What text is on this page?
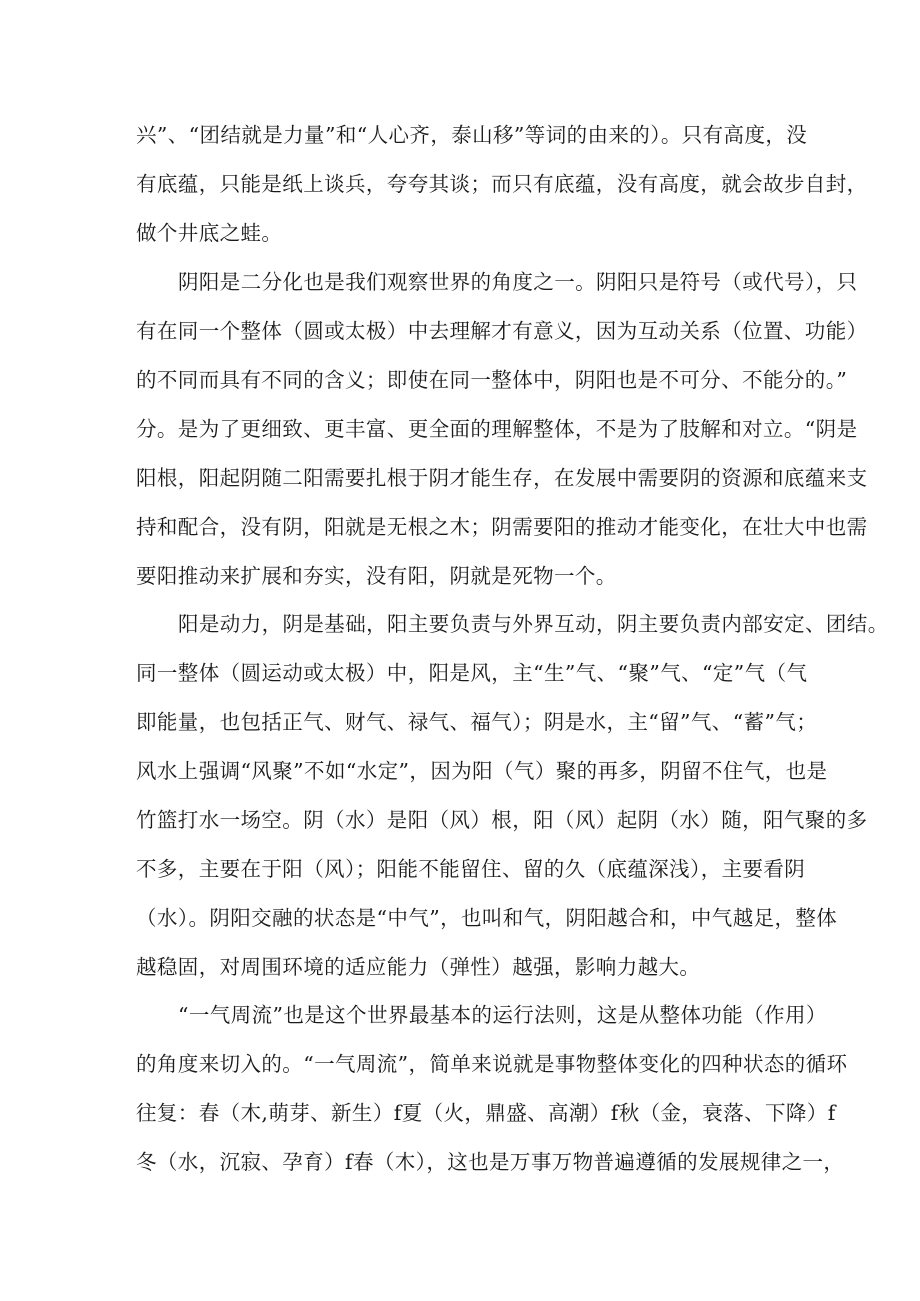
兴”、“团结就是力量”和“人心齐，泰山移”等词的由来的）。只有高度，没
有底蕴，只能是纸上谈兵，夸夸其谈；而只有底蕴，没有高度，就会故步自封，
做个井底之蛙。
阴阳是二分化也是我们观察世界的角度之一。阴阳只是符号（或代号），只
有在同一个整体（圆或太极）中去理解才有意义，因为互动关系（位置、功能）
的不同而具有不同的含义；即使在同一整体中，阴阳也是不可分、不能分的。”
分。是为了更细致、更丰富、更全面的理解整体，不是为了肢解和对立。“阴是
阳根，阳起阴随二阳需要扎根于阴才能生存，在发展中需要阴的资源和底蕴来支
持和配合，没有阴，阳就是无根之木；阴需要阳的推动才能变化，在壮大中也需
要阳推动来扩展和夯实，没有阳，阴就是死物一个。
阳是动力，阴是基础，阳主要负责与外界互动，阴主要负责内部安定、团结。
同一整体（圆运动或太极）中，阳是风，主“生”气、“聚”气、“定”气（气
即能量，也包括正气、财气、禄气、福气）；阴是水，主“留”气、“蓄”气；
风水上强调“风聚”不如“水定”，因为阳（气）聚的再多，阴留不住气，也是
竹篮打水一场空。阴（水）是阳（风）根，阳（风）起阴（水）随，阳气聚的多
不多，主要在于阳（风）；阳能不能留住、留的久（底蕴深浅），主要看阴
（水）。阴阳交融的状态是“中气”，也叫和气，阴阳越合和，中气越足，整体
越稳固，对周围环境的适应能力（弹性）越强，影响力越大。
“一气周流”也是这个世界最基本的运行法则，这是从整体功能（作用）
的角度来切入的。“一气周流”，简单来说就是事物整体变化的四种状态的循环
往复：春（木,萌芽、新生）f夏（火，鼎盛、高潮）f秋（金，衰落、下降）f
冬（水，沉寂、孕育）f春（木），这也是万事万物普遍遵循的发展规律之一，
